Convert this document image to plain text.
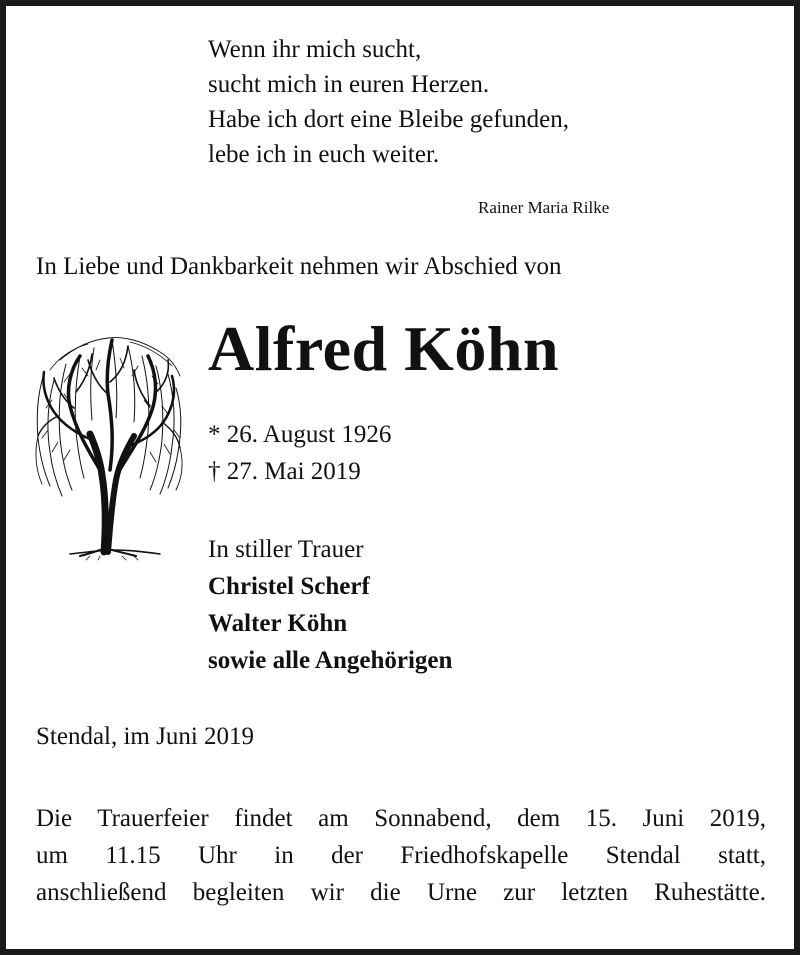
Wenn ihr mich sucht,
sucht mich in euren Herzen.
Habe ich dort eine Bleibe gefunden,
lebe ich in euch weiter.
Rainer Maria Rilke
In Liebe und Dankbarkeit nehmen wir Abschied von
Alfred Köhn
* 26. August 1926
† 27. Mai 2019
In stiller Trauer
Christel Scherf
Walter Köhn
sowie alle Angehörigen
Stendal, im Juni 2019
Die Trauerfeier findet am Sonnabend, dem 15. Juni 2019,
um 11.15 Uhr in der Friedhofskapelle Stendal statt,
anschließend begleiten wir die Urne zur letzten Ruhestätte.
